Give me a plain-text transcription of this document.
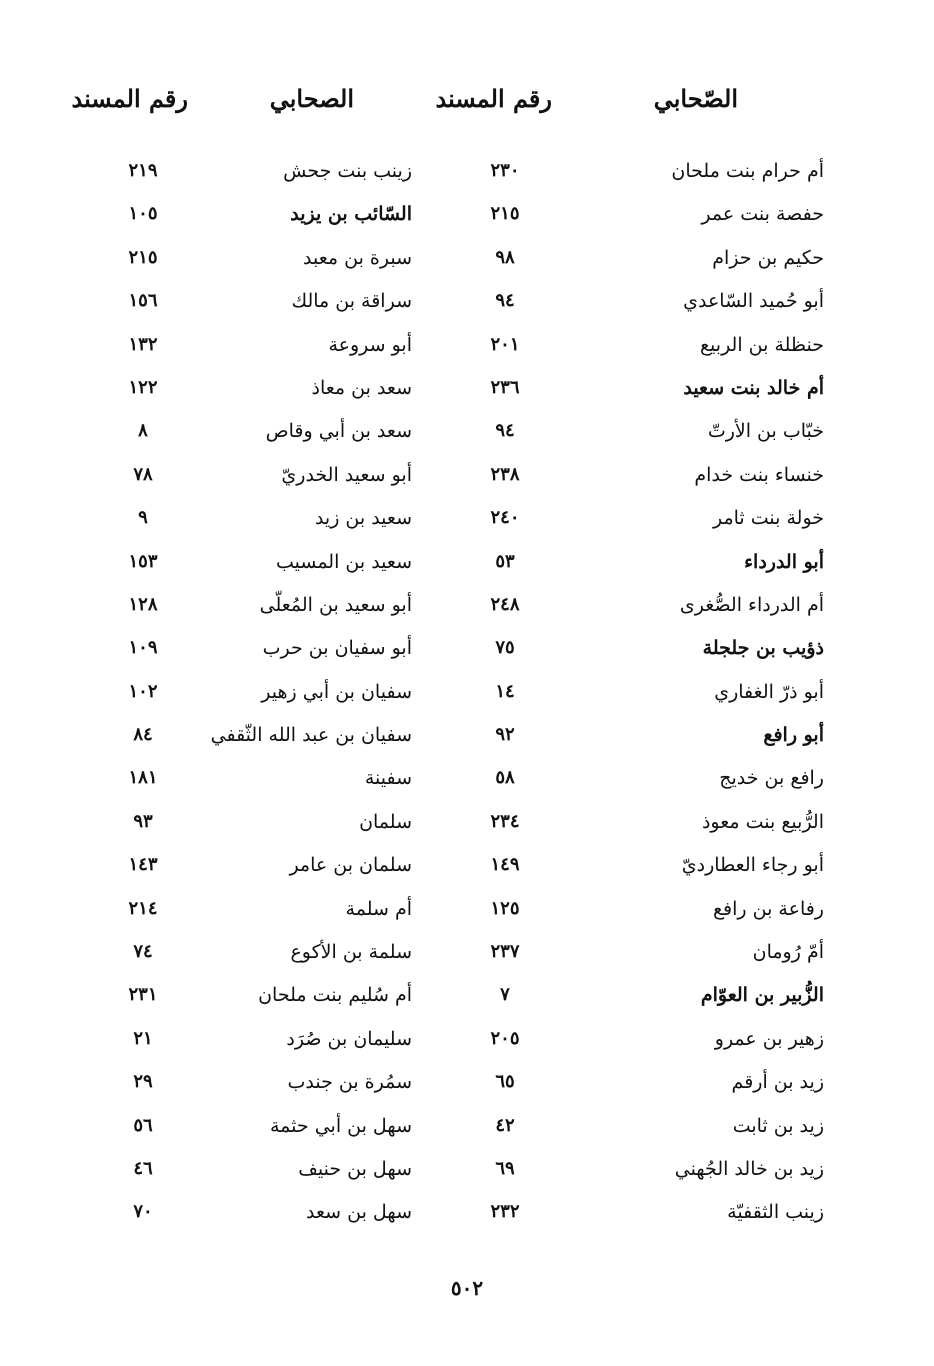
الصّحابي
رقم المسند
الصحابي
رقم المسند
أم حرام بنت ملحان
٢٣٠
زينب بنت جحش
٢١٩
حفصة بنت عمر
٢١٥
السّائب بن يزيد
١٠٥
حكيم بن حزام
٩٨
سبرة بن معبد
٢١٥
أبو حُميد السّاعدي
٩٤
سراقة بن مالك
١٥٦
حنظلة بن الربيع
٢٠١
أبو سروعة
١٣٢
أم خالد بنت سعيد
٢٣٦
سعد بن معاذ
١٢٢
خبّاب بن الأرتّ
٩٤
سعد بن أبي وقاص
٨
خنساء بنت خدام
٢٣٨
أبو سعيد الخدريّ
٧٨
خولة بنت ثامر
٢٤٠
سعيد بن زيد
٩
أبو الدرداء
٥٣
سعيد بن المسيب
١٥٣
أم الدرداء الصُّغرى
٢٤٨
أبو سعيد بن المُعلّى
١٢٨
ذؤيب بن جلجلة
٧٥
أبو سفيان بن حرب
١٠٩
أبو ذرّ الغفاري
١٤
سفيان بن أبي زهير
١٠٢
أبو رافع
٩٢
سفيان بن عبد الله الثّقفي
٨٤
رافع بن خديج
٥٨
سفينة
١٨١
الرُّبيع بنت معوذ
٢٣٤
سلمان
٩٣
أبو رجاء العطارديّ
١٤٩
سلمان بن عامر
١٤٣
رفاعة بن رافع
١٢٥
أم سلمة
٢١٤
أمّ رُومان
٢٣٧
سلمة بن الأكوع
٧٤
الزُّبير بن العوّام
٧
أم سُليم بنت ملحان
٢٣١
زهير بن عمرو
٢٠٥
سليمان بن صُرَد
٢١
زيد بن أرقم
٦٥
سمُرة بن جندب
٢٩
زيد بن ثابت
٤٢
سهل بن أبي حثمة
٥٦
زيد بن خالد الجُهني
٦٩
سهل بن حنيف
٤٦
زينب الثقفيّة
٢٣٢
سهل بن سعد
٧٠
٥٠٢
